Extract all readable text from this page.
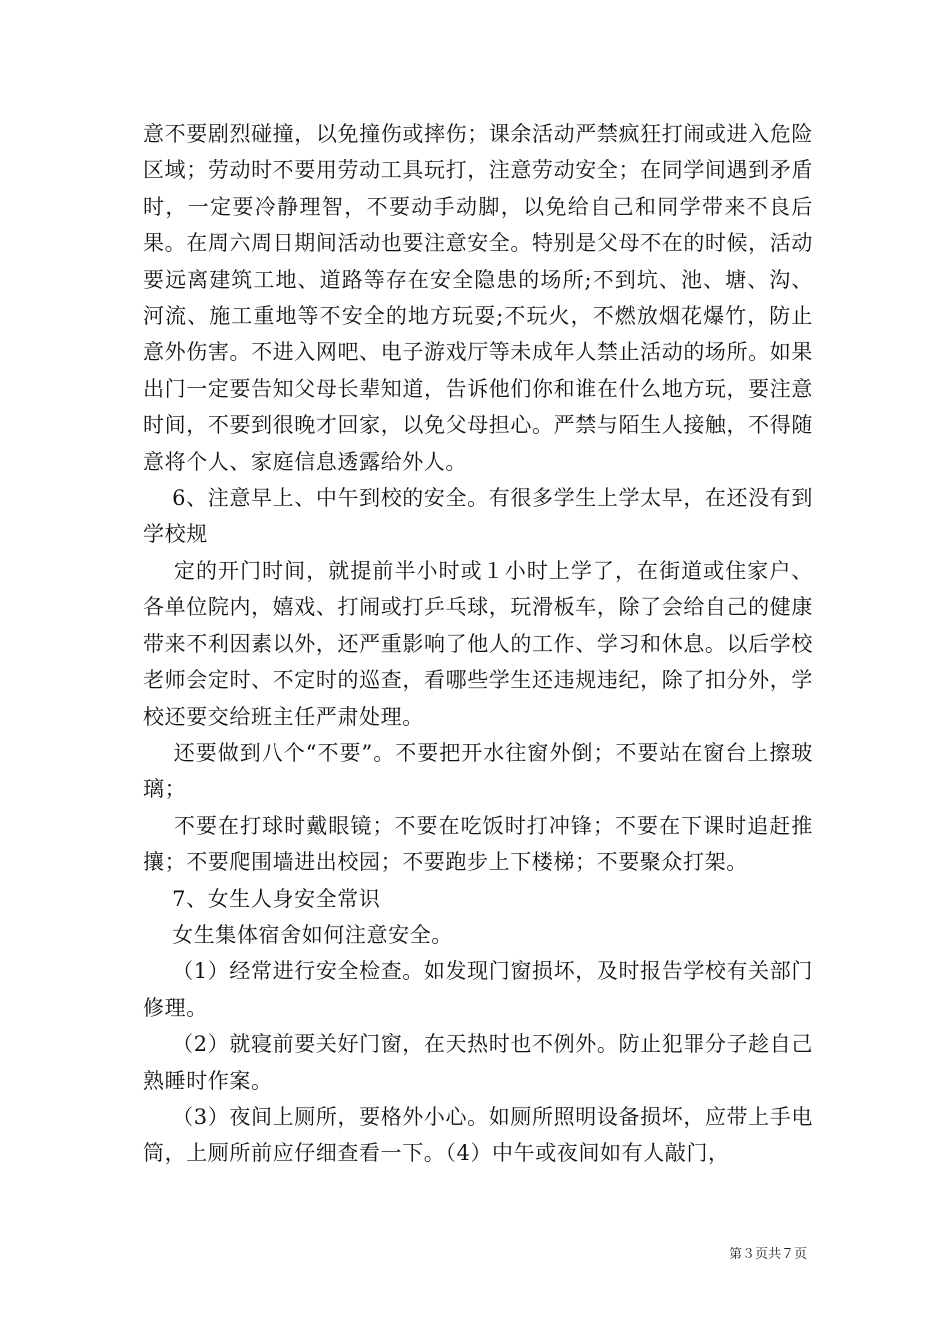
意不要剧烈碰撞，以免撞伤或摔伤；课余活动严禁疯狂打闹或进入危险区域；劳动时不要用劳动工具玩打，注意劳动安全；在同学间遇到矛盾时，一定要冷静理智，不要动手动脚，以免给自己和同学带来不良后果。在周六周日期间活动也要注意安全。特别是父母不在的时候，活动要远离建筑工地、道路等存在安全隐患的场所;不到坑、池、塘、沟、河流、施工重地等不安全的地方玩耍;不玩火，不燃放烟花爆竹，防止意外伤害。不进入网吧、电子游戏厅等未成年人禁止活动的场所。如果出门一定要告知父母长辈知道，告诉他们你和谁在什么地方玩，要注意时间，不要到很晚才回家，以免父母担心。严禁与陌生人接触，不得随意将个人、家庭信息透露给外人。

6、注意早上、中午到校的安全。有很多学生上学太早，在还没有到学校规

定的开门时间，就提前半小时或１小时上学了，在街道或住家户、各单位院内，嬉戏、打闹或打乒乓球，玩滑板车，除了会给自己的健康带来不利因素以外，还严重影响了他人的工作、学习和休息。以后学校老师会定时、不定时的巡查，看哪些学生还违规违纪，除了扣分外，学校还要交给班主任严肃处理。

还要做到八个“不要”。不要把开水往窗外倒；不要站在窗台上擦玻璃；

不要在打球时戴眼镜；不要在吃饭时打冲锋；不要在下课时追赶推攘；不要爬围墙进出校园；不要跑步上下楼梯；不要聚众打架。

7、女生人身安全常识

女生集体宿舍如何注意安全。

（1）经常进行安全检查。如发现门窗损坏，及时报告学校有关部门修理。

（2）就寝前要关好门窗，在天热时也不例外。防止犯罪分子趁自己熟睡时作案。

（3）夜间上厕所，要格外小心。如厕所照明设备损坏，应带上手电筒，上厕所前应仔细查看一下。（4）中午或夜间如有人敲门，

第３页共７页
